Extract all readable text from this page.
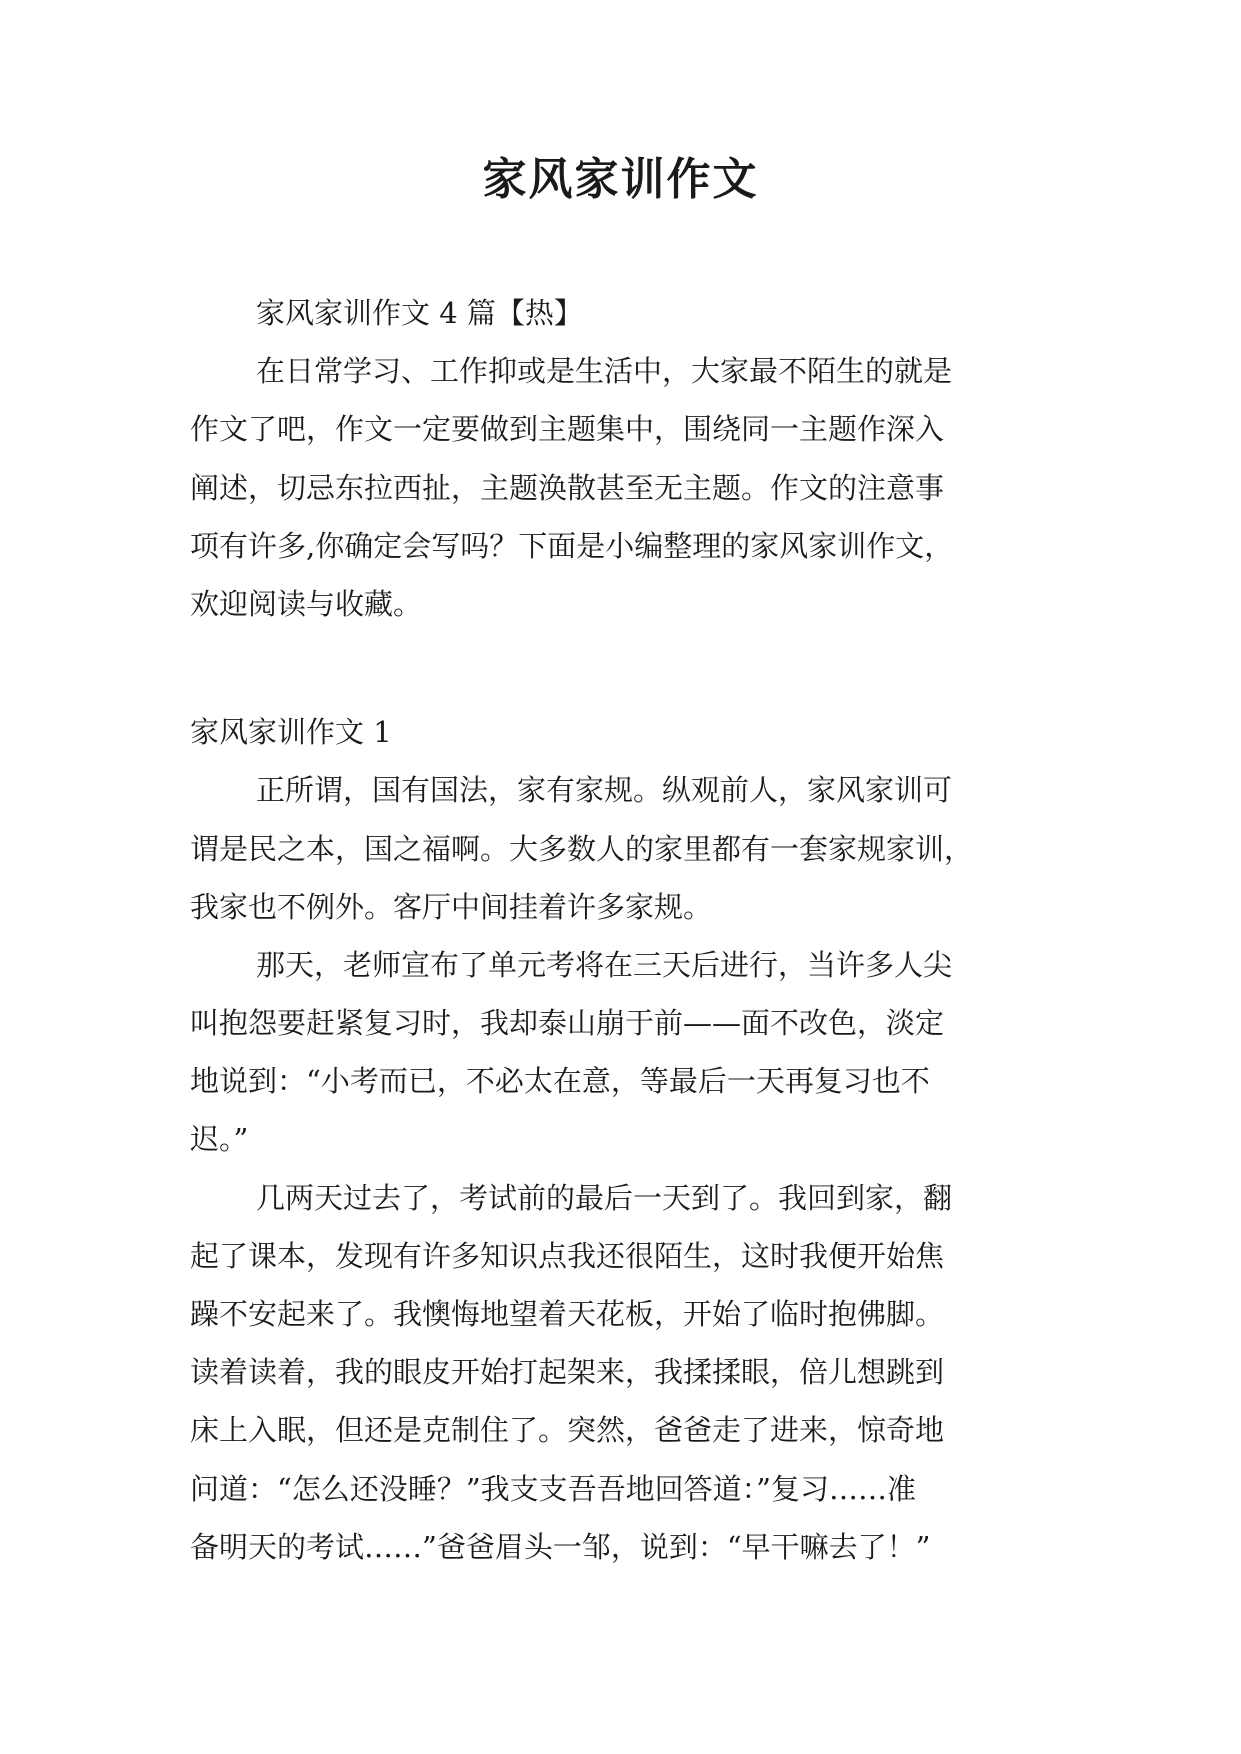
家风家训作文
家风家训作文 4 篇【热】
在日常学习、工作抑或是生活中，大家最不陌生的就是
作文了吧，作文一定要做到主题集中，围绕同一主题作深入
阐述，切忌东拉西扯，主题涣散甚至无主题。作文的注意事
项有许多,你确定会写吗？下面是小编整理的家风家训作文，
欢迎阅读与收藏。
家风家训作文 1
正所谓，国有国法，家有家规。纵观前人，家风家训可
谓是民之本，国之福啊。大多数人的家里都有一套家规家训，
我家也不例外。客厅中间挂着许多家规。
那天，老师宣布了单元考将在三天后进行，当许多人尖
叫抱怨要赶紧复习时，我却泰山崩于前——面不改色，淡定
地说到：“小考而已，不必太在意，等最后一天再复习也不
迟。”
几两天过去了，考试前的最后一天到了。我回到家，翻
起了课本，发现有许多知识点我还很陌生，这时我便开始焦
躁不安起来了。我懊悔地望着天花板，开始了临时抱佛脚。
读着读着，我的眼皮开始打起架来，我揉揉眼，倍儿想跳到
床上入眠，但还是克制住了。突然，爸爸走了进来，惊奇地
问道：“怎么还没睡？”我支支吾吾地回答道：”复习……准
备明天的考试……”爸爸眉头一邹，说到：“早干嘛去了！”
